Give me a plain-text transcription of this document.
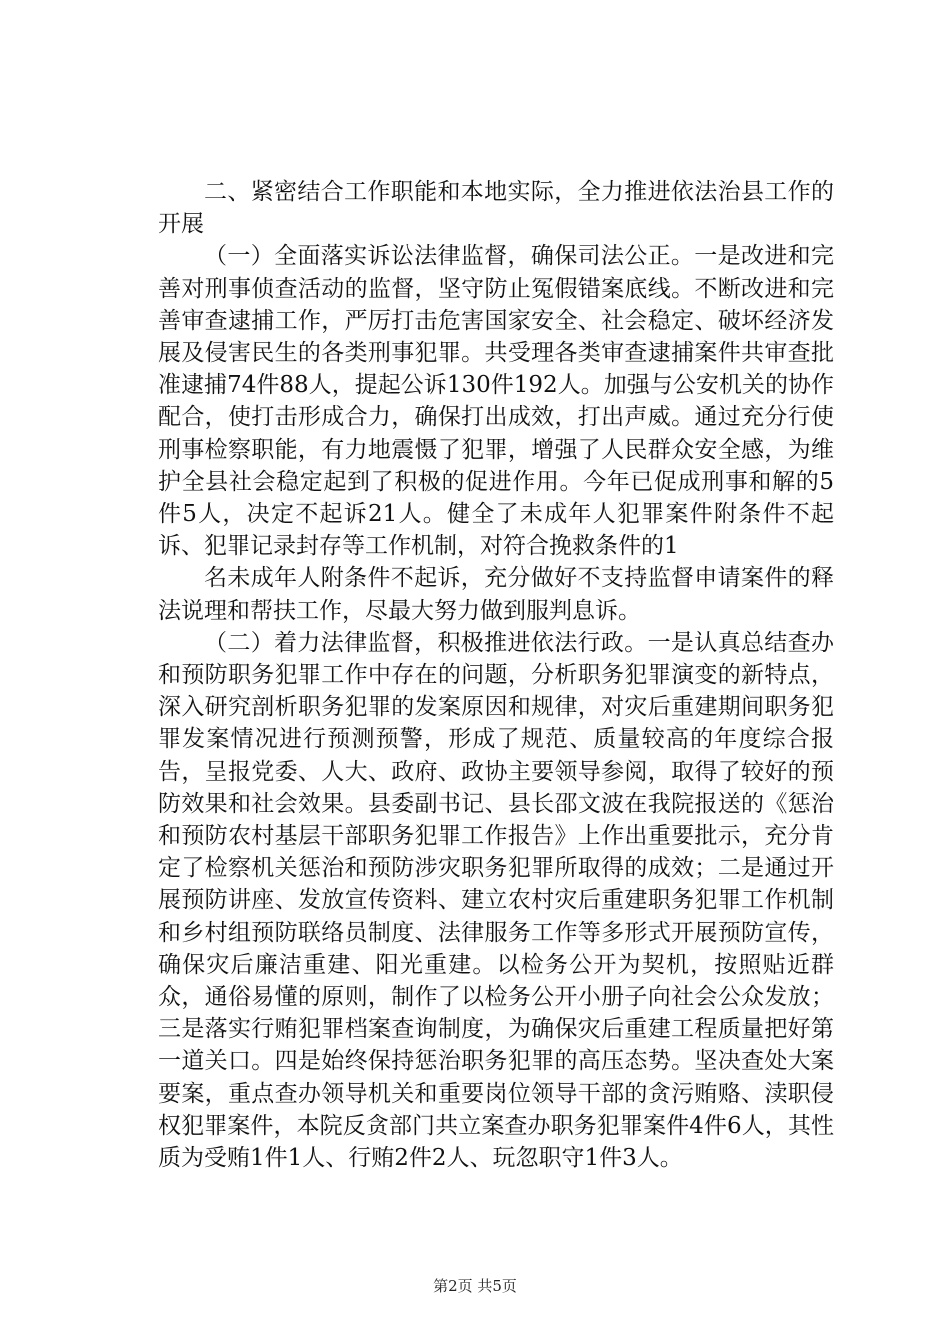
二、紧密结合工作职能和本地实际，全力推进依法治县工作的开展

（一）全面落实诉讼法律监督，确保司法公正。一是改进和完善对刑事侦查活动的监督，坚守防止冤假错案底线。不断改进和完善审查逮捕工作，严厉打击危害国家安全、社会稳定、破坏经济发展及侵害民生的各类刑事犯罪。共受理各类审查逮捕案件共审查批准逮捕74件88人，提起公诉130件192人。加强与公安机关的协作配合，使打击形成合力，确保打出成效，打出声威。通过充分行使刑事检察职能，有力地震慑了犯罪，增强了人民群众安全感，为维护全县社会稳定起到了积极的促进作用。今年已促成刑事和解的5件5人，决定不起诉21人。健全了未成年人犯罪案件附条件不起诉、犯罪记录封存等工作机制，对符合挽救条件的1

名未成年人附条件不起诉，充分做好不支持监督申请案件的释法说理和帮扶工作，尽最大努力做到服判息诉。

（二）着力法律监督，积极推进依法行政。一是认真总结查办和预防职务犯罪工作中存在的问题，分析职务犯罪演变的新特点，深入研究剖析职务犯罪的发案原因和规律，对灾后重建期间职务犯罪发案情况进行预测预警，形成了规范、质量较高的年度综合报告，呈报党委、人大、政府、政协主要领导参阅，取得了较好的预防效果和社会效果。县委副书记、县长邵文波在我院报送的《惩治和预防农村基层干部职务犯罪工作报告》上作出重要批示，充分肯定了检察机关惩治和预防涉灾职务犯罪所取得的成效；二是通过开展预防讲座、发放宣传资料、建立农村灾后重建职务犯罪工作机制和乡村组预防联络员制度、法律服务工作等多形式开展预防宣传，确保灾后廉洁重建、阳光重建。以检务公开为契机，按照贴近群众，通俗易懂的原则，制作了以检务公开小册子向社会公众发放；三是落实行贿犯罪档案查询制度，为确保灾后重建工程质量把好第一道关口。四是始终保持惩治职务犯罪的高压态势。坚决查处大案要案，重点查办领导机关和重要岗位领导干部的贪污贿赂、渎职侵权犯罪案件，本院反贪部门共立案查办职务犯罪案件4件6人，其性质为受贿1件1人、行贿2件2人、玩忽职守1件3人。

第2页 共5页
